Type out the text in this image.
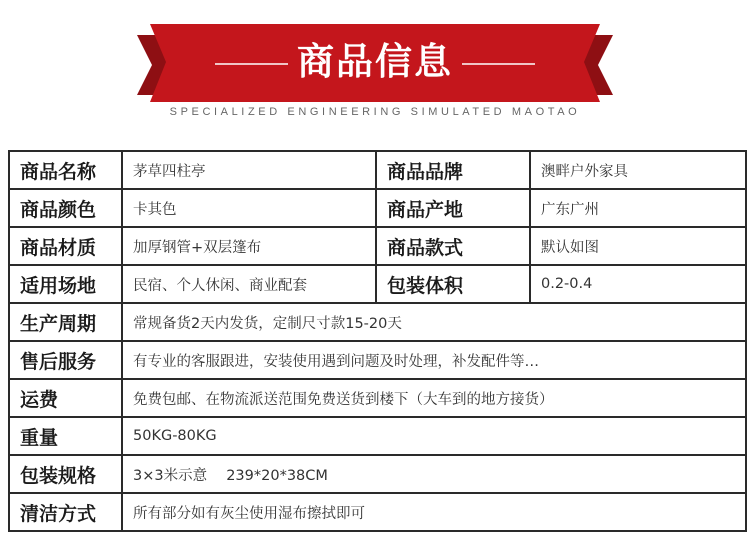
商品信息
SPECIALIZED ENGINEERING SIMULATED MAOTAO
商品名称	茅草四柱亭	商品品牌	澳畔户外家具
商品颜色	卡其色	商品产地	广东广州
商品材质	加厚钢管+双层篷布	商品款式	默认如图
适用场地	民宿、个人休闲、商业配套	包装体积	0.2-0.4
生产周期	常规备货2天内发货，定制尺寸款15-20天		
售后服务	有专业的客服跟进，安装使用遇到问题及时处理，补发配件等…		
运费	免费包邮、在物流派送范围免费送货到楼下（大车到的地方接货）		
重量	50KG-80KG		
包装规格	3×3米示意　 239*20*38CM		
清洁方式	所有部分如有灰尘使用湿布擦拭即可		
